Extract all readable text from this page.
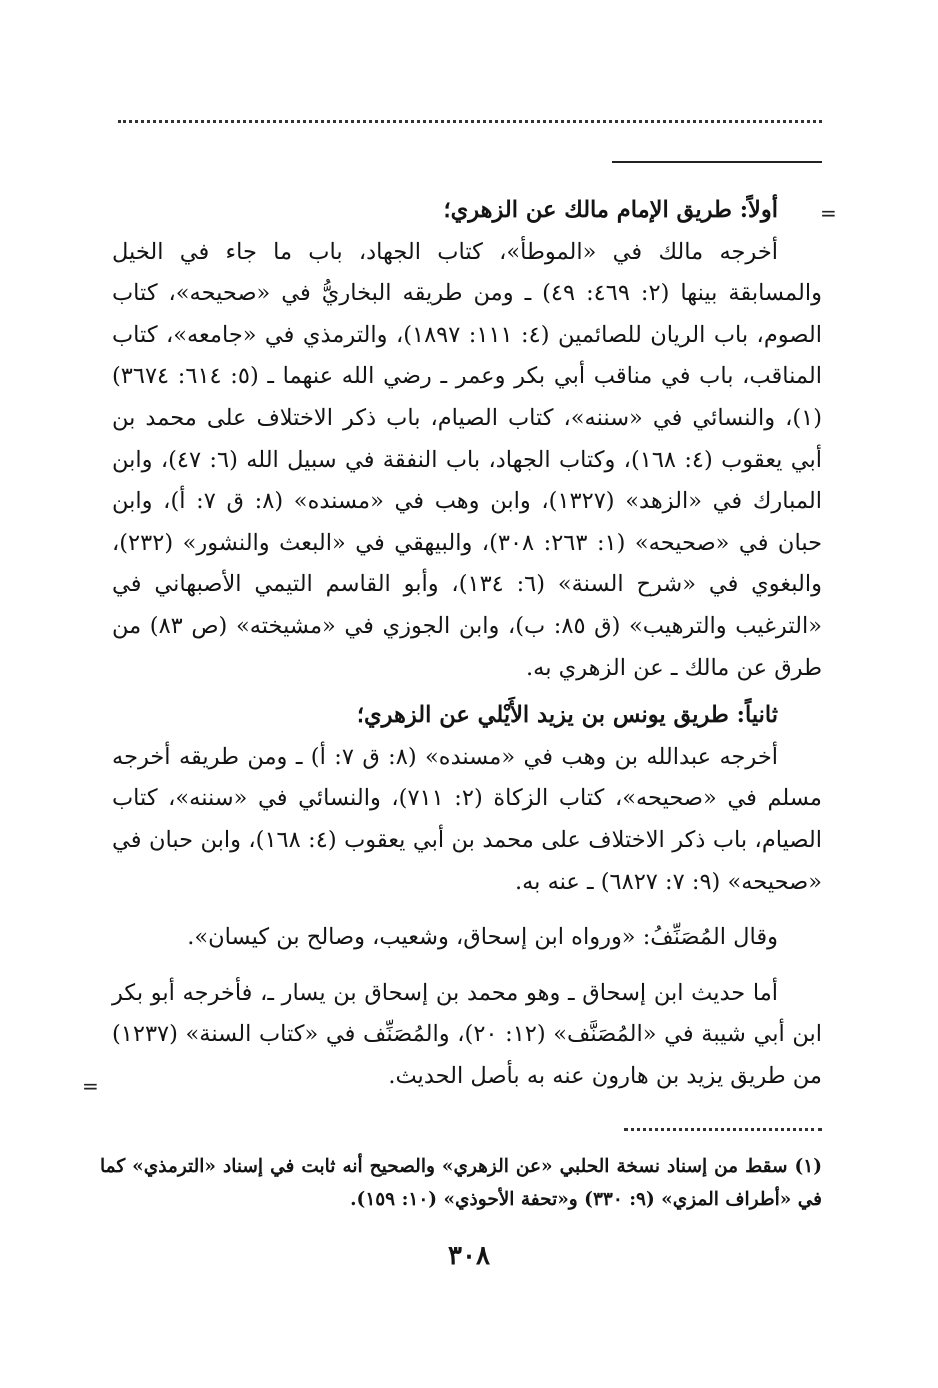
=

أولاً: طريق الإمام مالك عن الزهري؛

أخرجه مالك في «الموطأ»، كتاب الجهاد، باب ما جاء في الخيل والمسابقة بينها (٢: ٤٦٩: ٤٩) ـ ومن طريقه البخاريُّ في «صحيحه»، كتاب الصوم، باب الريان للصائمين (٤: ١١١: ١٨٩٧)، والترمذي في «جامعه»، كتاب المناقب، باب في مناقب أبي بكر وعمر ـ رضي الله عنهما ـ (٥: ٦١٤: ٣٦٧٤)(١)، والنسائي في «سننه»، كتاب الصيام، باب ذكر الاختلاف على محمد بن أبي يعقوب (٤: ١٦٨)، وكتاب الجهاد، باب النفقة في سبيل الله (٦: ٤٧)، وابن المبارك في «الزهد» (١٣٢٧)، وابن وهب في «مسنده» (٨: ق ٧: أ)، وابن حبان في «صحيحه» (١: ٢٦٣: ٣٠٨)، والبيهقي في «البعث والنشور» (٢٣٢)، والبغوي في «شرح السنة» (٦: ١٣٤)، وأبو القاسم التيمي الأصبهاني في «الترغيب والترهيب» (ق ٨٥: ب)، وابن الجوزي في «مشيخته» (ص ٨٣) من طرق عن مالك ـ عن الزهري به.

ثانياً: طريق يونس بن يزيد الأَيْلي عن الزهري؛

أخرجه عبدالله بن وهب في «مسنده» (٨: ق ٧: أ) ـ ومن طريقه أخرجه مسلم في «صحيحه»، كتاب الزكاة (٢: ٧١١)، والنسائي في «سننه»، كتاب الصيام، باب ذكر الاختلاف على محمد بن أبي يعقوب (٤: ١٦٨)، وابن حبان في «صحيحه» (٩: ٧: ٦٨٢٧) ـ عنه به.

وقال المُصَنِّفُ: «ورواه ابن إسحاق، وشعيب، وصالح بن كيسان».

أما حديث ابن إسحاق ـ وهو محمد بن إسحاق بن يسار ـ، فأخرجه أبو بكر ابن أبي شيبة في «المُصَنَّف» (١٢: ٢٠)، والمُصَنِّف في «كتاب السنة» (١٢٣٧) من طريق يزيد بن هارون عنه به بأصل الحديث.

=

(١) سقط من إسناد نسخة الحلبي «عن الزهري» والصحيح أنه ثابت في إسناد «الترمذي» كما في «أطراف المزي» (٩: ٣٣٠) و«تحفة الأحوذي» (١٠: ١٥٩).

٣٠٨
